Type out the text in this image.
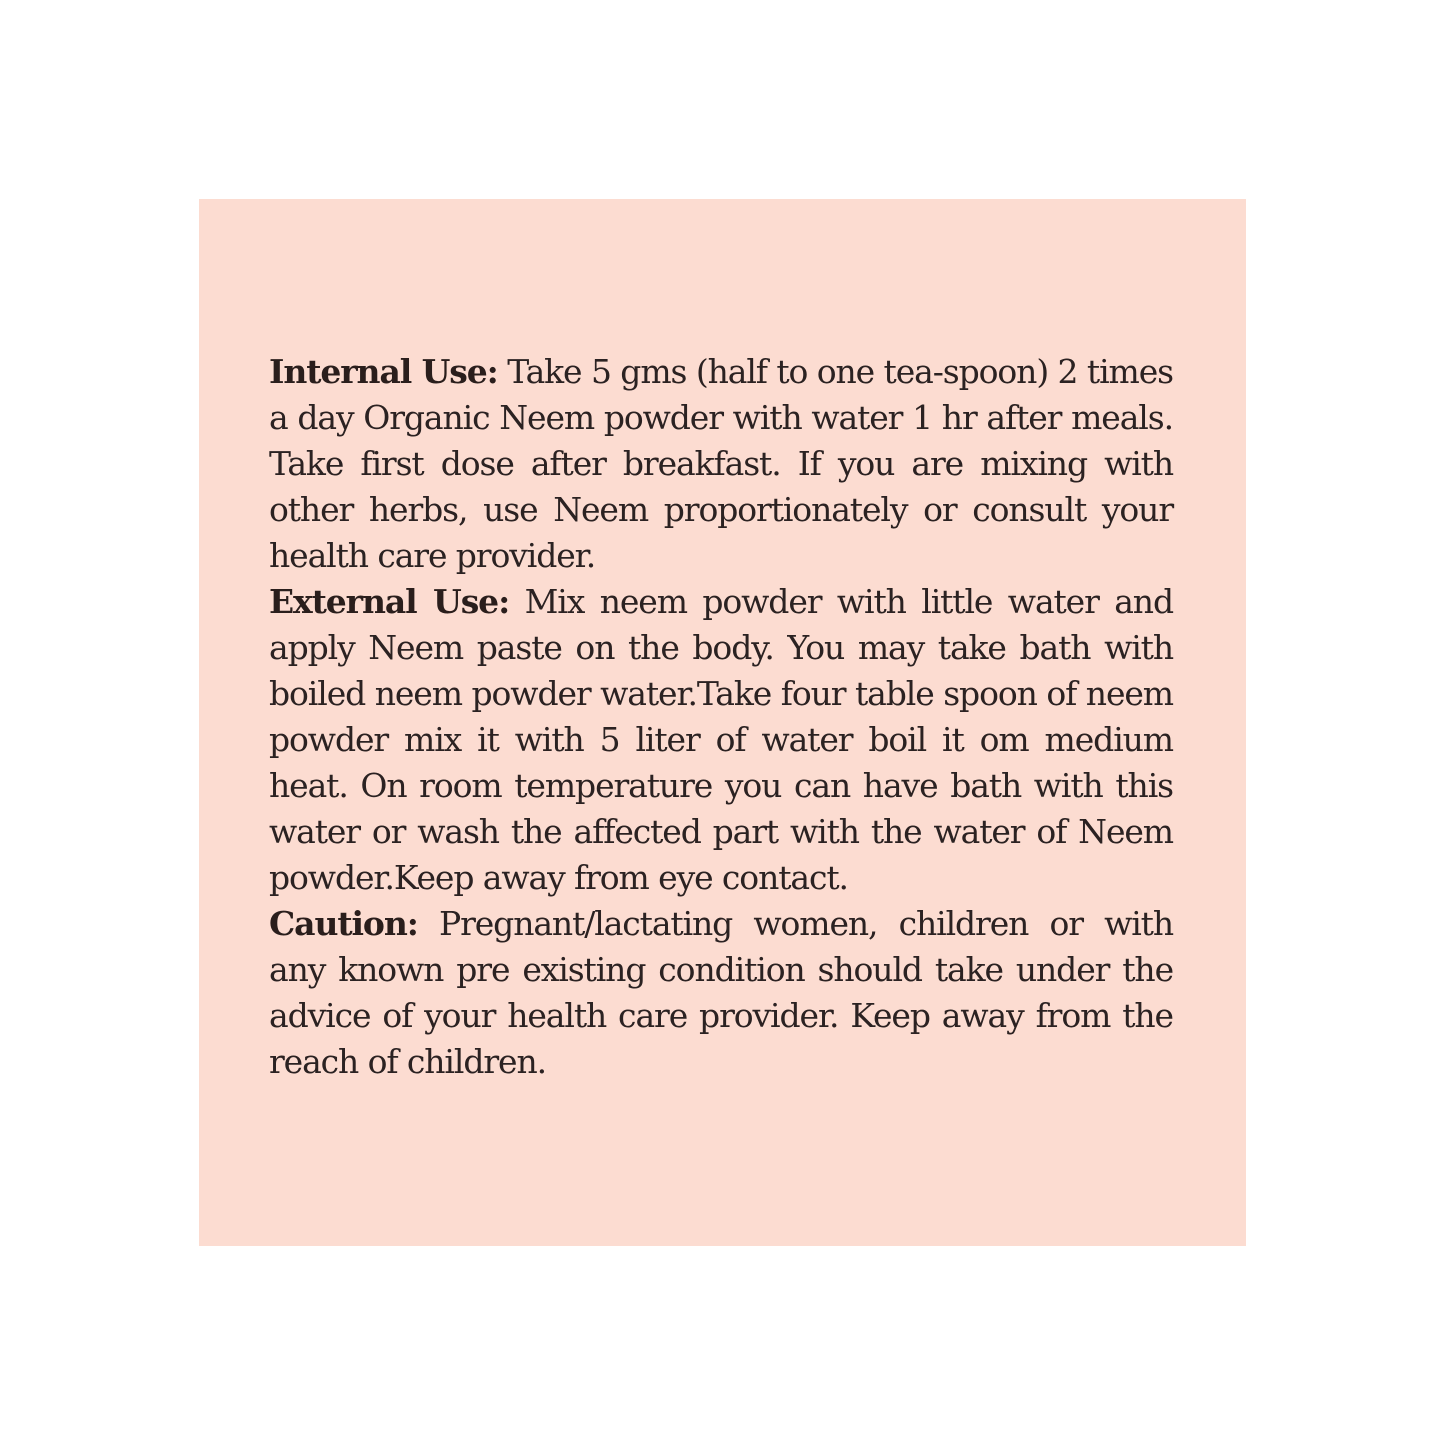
Internal Use: Take 5 gms (half to one tea-spoon) 2 times a day Organic Neem powder with water 1 hr after meals. Take first dose after breakfast. If you are mixing with other herbs, use Neem proportionately or consult your health care provider.

External Use: Mix neem powder with little water and apply Neem paste on the body. You may take bath with boiled neem powder water.Take four table spoon of neem powder mix it with 5 liter of water boil it om medium heat. On room temperature you can have bath with this water or wash the affected part with the water of Neem powder.Keep away from eye contact.

Caution: Pregnant/lactating women, children or with any known pre existing condition should take under the advice of your health care provider. Keep away from the reach of children.
